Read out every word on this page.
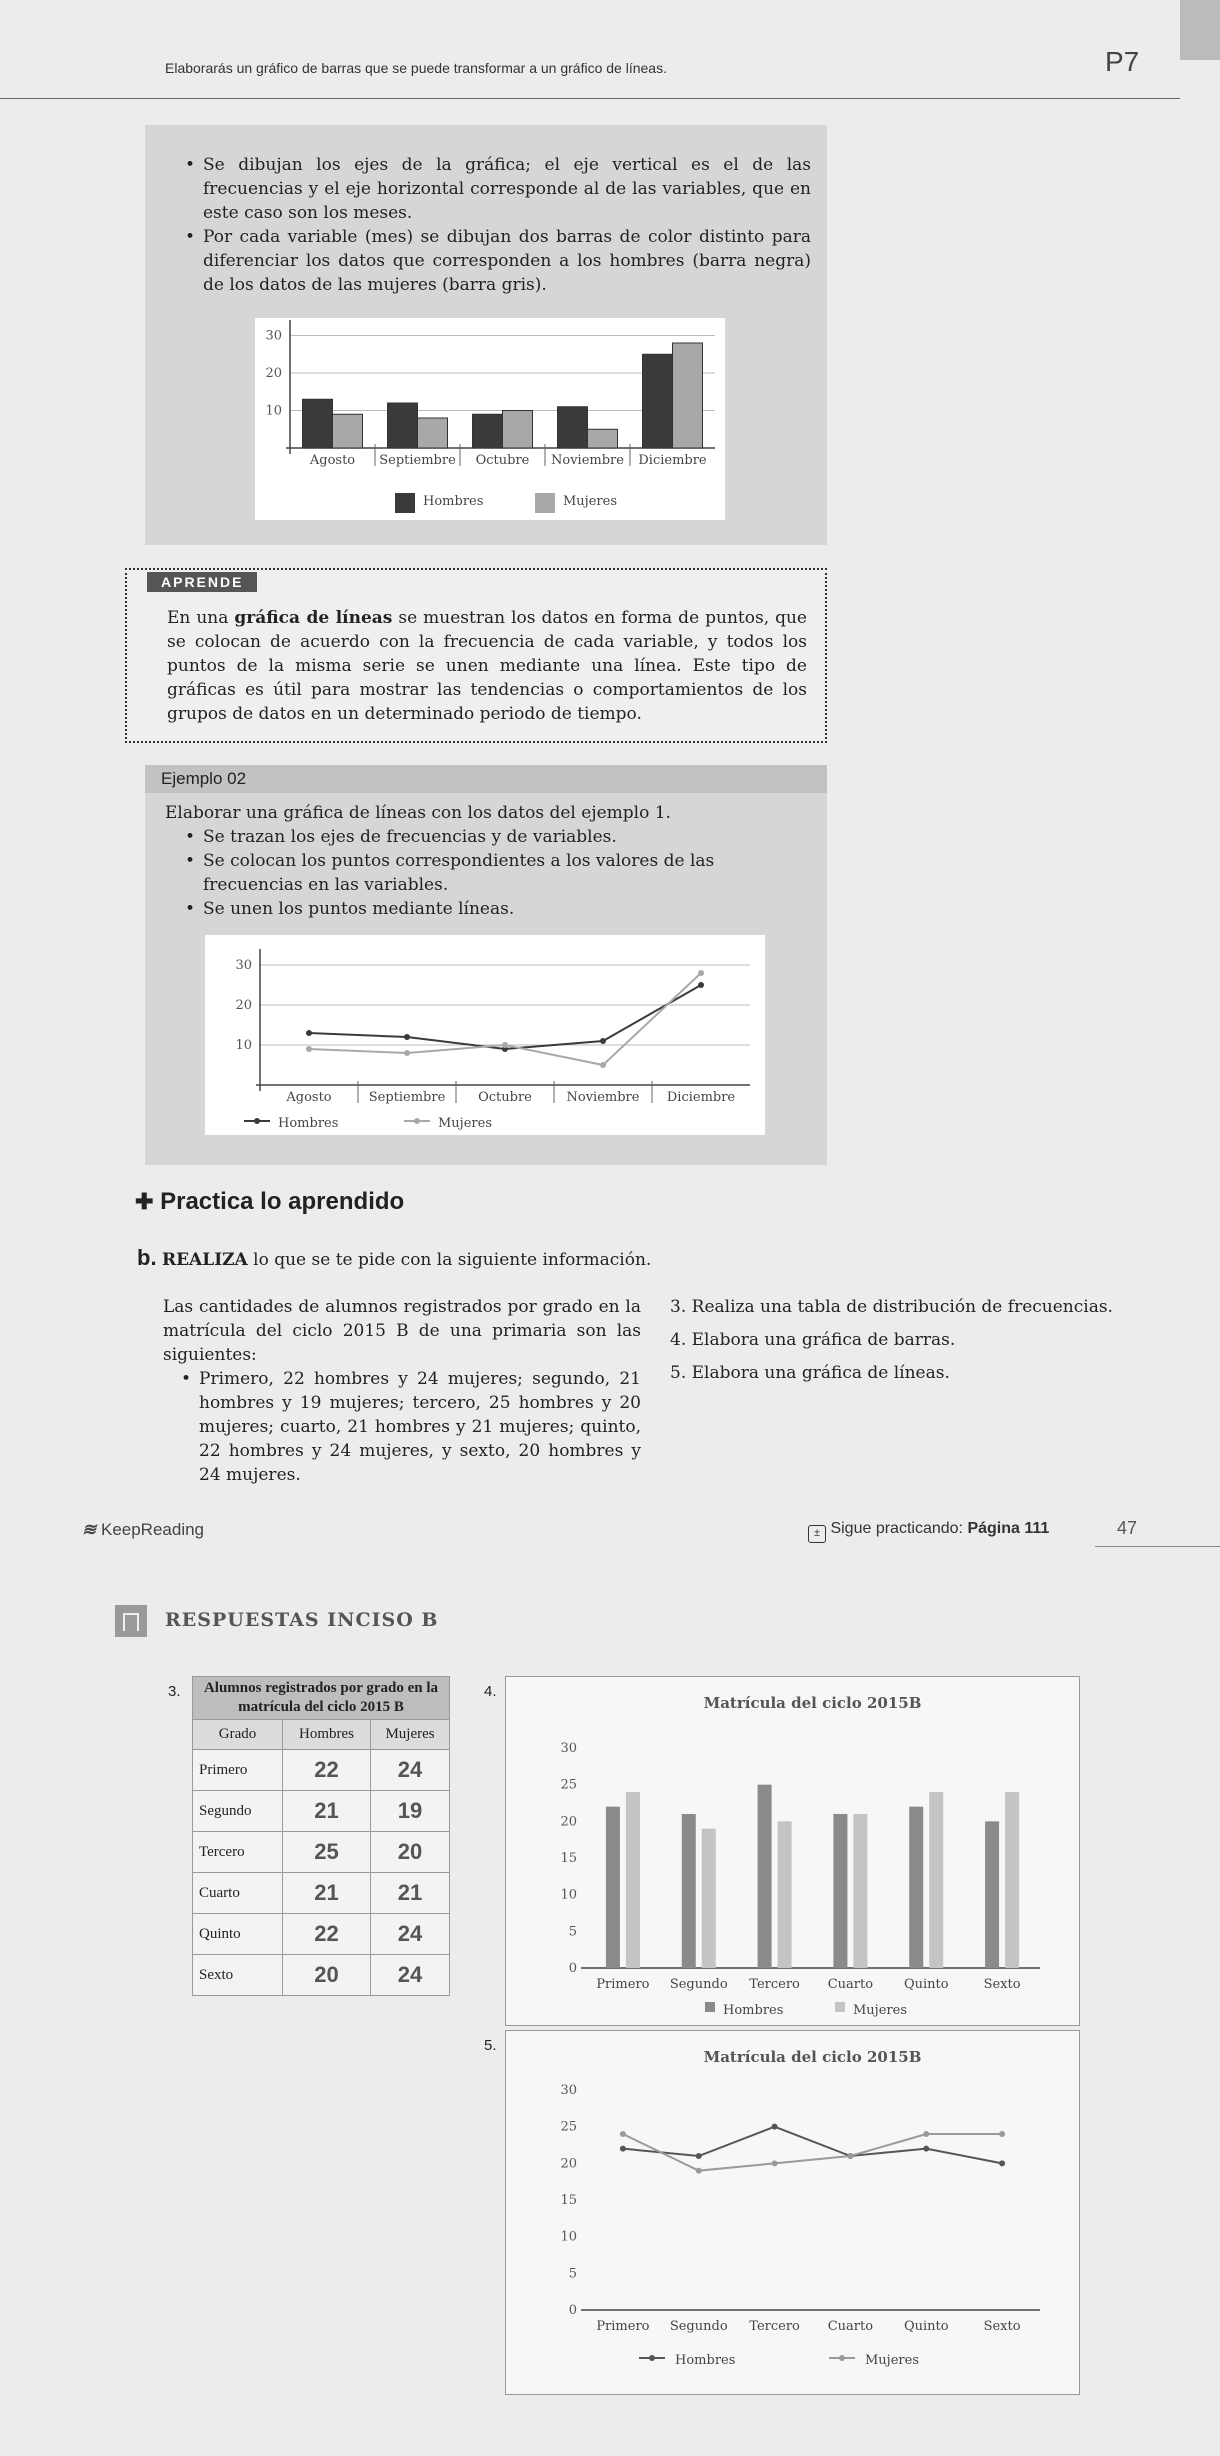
Elaborarás un gráfico de barras que se puede transformar a un gráfico de líneas.	P7

• Se dibujan los ejes de la gráfica; el eje vertical es el de las frecuencias y el eje horizontal corresponde al de las variables, que en este caso son los meses.

• Por cada variable (mes) se dibujan dos barras de color distinto para diferenciar los datos que corresponden a los hombres (barra negra) de los datos de las mujeres (barra gris).

10
20
30
Agosto Septiembre Octubre Noviembre Diciembre
Hombres	Mujeres
APRENDE

En una gráfica de líneas se muestran los datos en forma de puntos, que se colocan de acuerdo con la frecuencia de cada variable, y todos los puntos de la misma serie se unen mediante una línea. Este tipo de gráficas es útil para mostrar las tendencias o comportamientos de los grupos de datos en un determinado periodo de tiempo.

Ejemplo 02

Elaborar una gráfica de líneas con los datos del ejemplo 1.

• Se trazan los ejes de frecuencias y de variables.

• Se colocan los puntos correspondientes a los valores de las frecuencias en las variables.

• Se unen los puntos mediante líneas.

10
20
30
Agosto	Septiembre	Octubre	Noviembre Diciembre
Hombres	Mujeres
✚ Practica lo aprendido
b. REALIZA lo que se te pide con la siguiente información.

Las cantidades de alumnos registrados por grado en la matrícula del ciclo 2015 B de una primaria son las siguientes:

• Primero, 22 hombres y 24 mujeres; segundo, 21 hombres y 19 mujeres; tercero, 25 hombres y 20 mujeres; cuarto, 21 hombres y 21 mujeres; quinto, 22 hombres y 24 mujeres, y sexto, 20 hombres y 24 mujeres.

3. Realiza una tabla de distribución de frecuencias.

4. Elabora una gráfica de barras.

5. Elabora una gráfica de líneas.

≋ KeepReading	± Sigue practicando: Página 111	47
RESPUESTAS INCISO B
3. Alumnos registrados por grado en la matrícula del ciclo 2015 B		
Grado	Hombres	Mujeres
Primero	22	24
Segundo	21	19
Tercero	25	20
Cuarto	21	21
Quinto	22	24
Sexto	20	24
4.
Matrícula del ciclo 2015B
0
5
10
15
20
25
30
Primero Segundo Tercero Cuarto Quinto	Sexto
Hombres	Mujeres
5.
Matrícula del ciclo 2015B
0
5
10
15
20
25
30
Primero Segundo Tercero Cuarto Quinto	Sexto
Hombres	Mujeres
